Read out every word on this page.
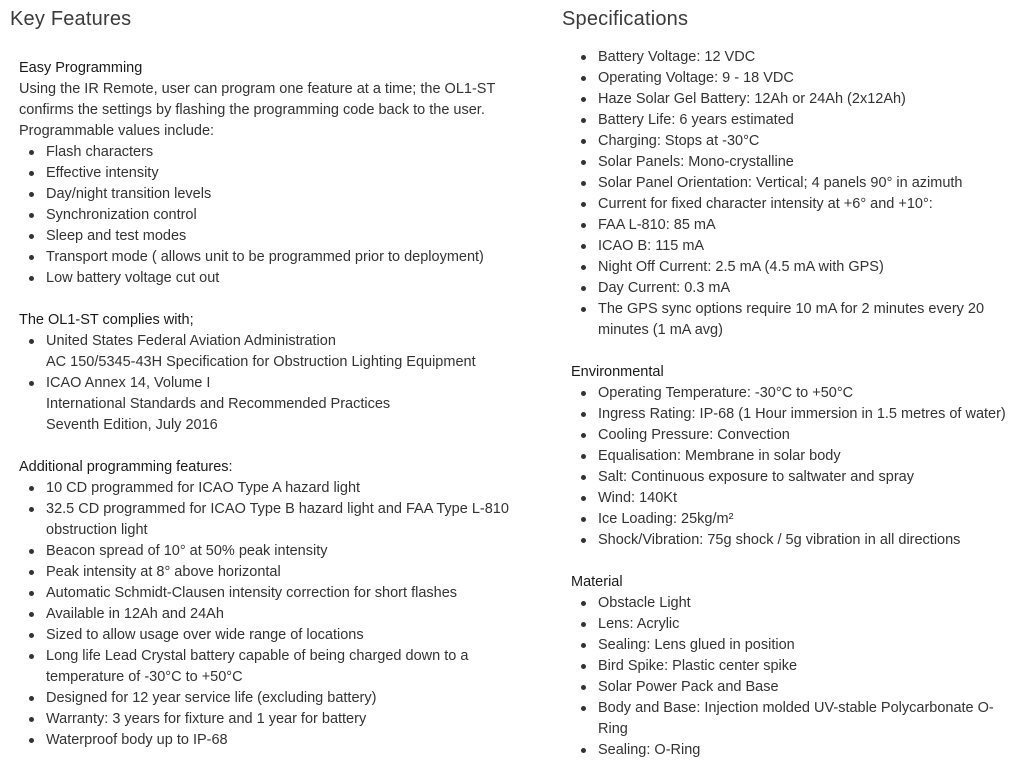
Key Features

Easy Programming

Using the IR Remote, user can program one feature at a time; the OL1-ST confirms the settings by flashing the programming code back to the user. Programmable values include:

Flash characters
Effective intensity
Day/night transition levels
Synchronization control
Sleep and test modes
Transport mode ( allows unit to be programmed prior to deployment)
Low battery voltage cut out

The OL1-ST complies with;

United States Federal Aviation Administration
AC 150/5345-43H Specification for Obstruction Lighting Equipment
ICAO Annex 14, Volume I
International Standards and Recommended Practices
Seventh Edition, July 2016

Additional programming features:

10 CD programmed for ICAO Type A hazard light
32.5 CD programmed for ICAO Type B hazard light and FAA Type L-810 obstruction light
Beacon spread of 10° at 50% peak intensity
Peak intensity at 8° above horizontal
Automatic Schmidt-Clausen intensity correction for short flashes
Available in 12Ah and 24Ah
Sized to allow usage over wide range of locations
Long life Lead Crystal battery capable of being charged down to a temperature of -30°C to +50°C
Designed for 12 year service life (excluding battery)
Warranty: 3 years for fixture and 1 year for battery
Waterproof body up to IP-68
Specifications
Battery Voltage: 12 VDC
Operating Voltage: 9 - 18 VDC
Haze Solar Gel Battery: 12Ah or 24Ah (2x12Ah)
Battery Life: 6 years estimated
Charging: Stops at -30°C
Solar Panels: Mono-crystalline
Solar Panel Orientation: Vertical; 4 panels 90° in azimuth
Current for fixed character intensity at +6° and +10°:
FAA L-810: 85 mA
ICAO B: 115 mA
Night Off Current: 2.5 mA (4.5 mA with GPS)
Day Current: 0.3 mA
The GPS sync options require 10 mA for 2 minutes every 20 minutes (1 mA avg)

Environmental

Operating Temperature: -30°C to +50°C
Ingress Rating: IP-68 (1 Hour immersion in 1.5 metres of water)
Cooling Pressure: Convection
Equalisation: Membrane in solar body
Salt: Continuous exposure to saltwater and spray
Wind: 140Kt
Ice Loading: 25kg/m²
Shock/Vibration: 75g shock / 5g vibration in all directions

Material

Obstacle Light
Lens: Acrylic
Sealing: Lens glued in position
Bird Spike: Plastic center spike
Solar Power Pack and Base
Body and Base: Injection molded UV-stable Polycarbonate O-Ring
Sealing: O-Ring
